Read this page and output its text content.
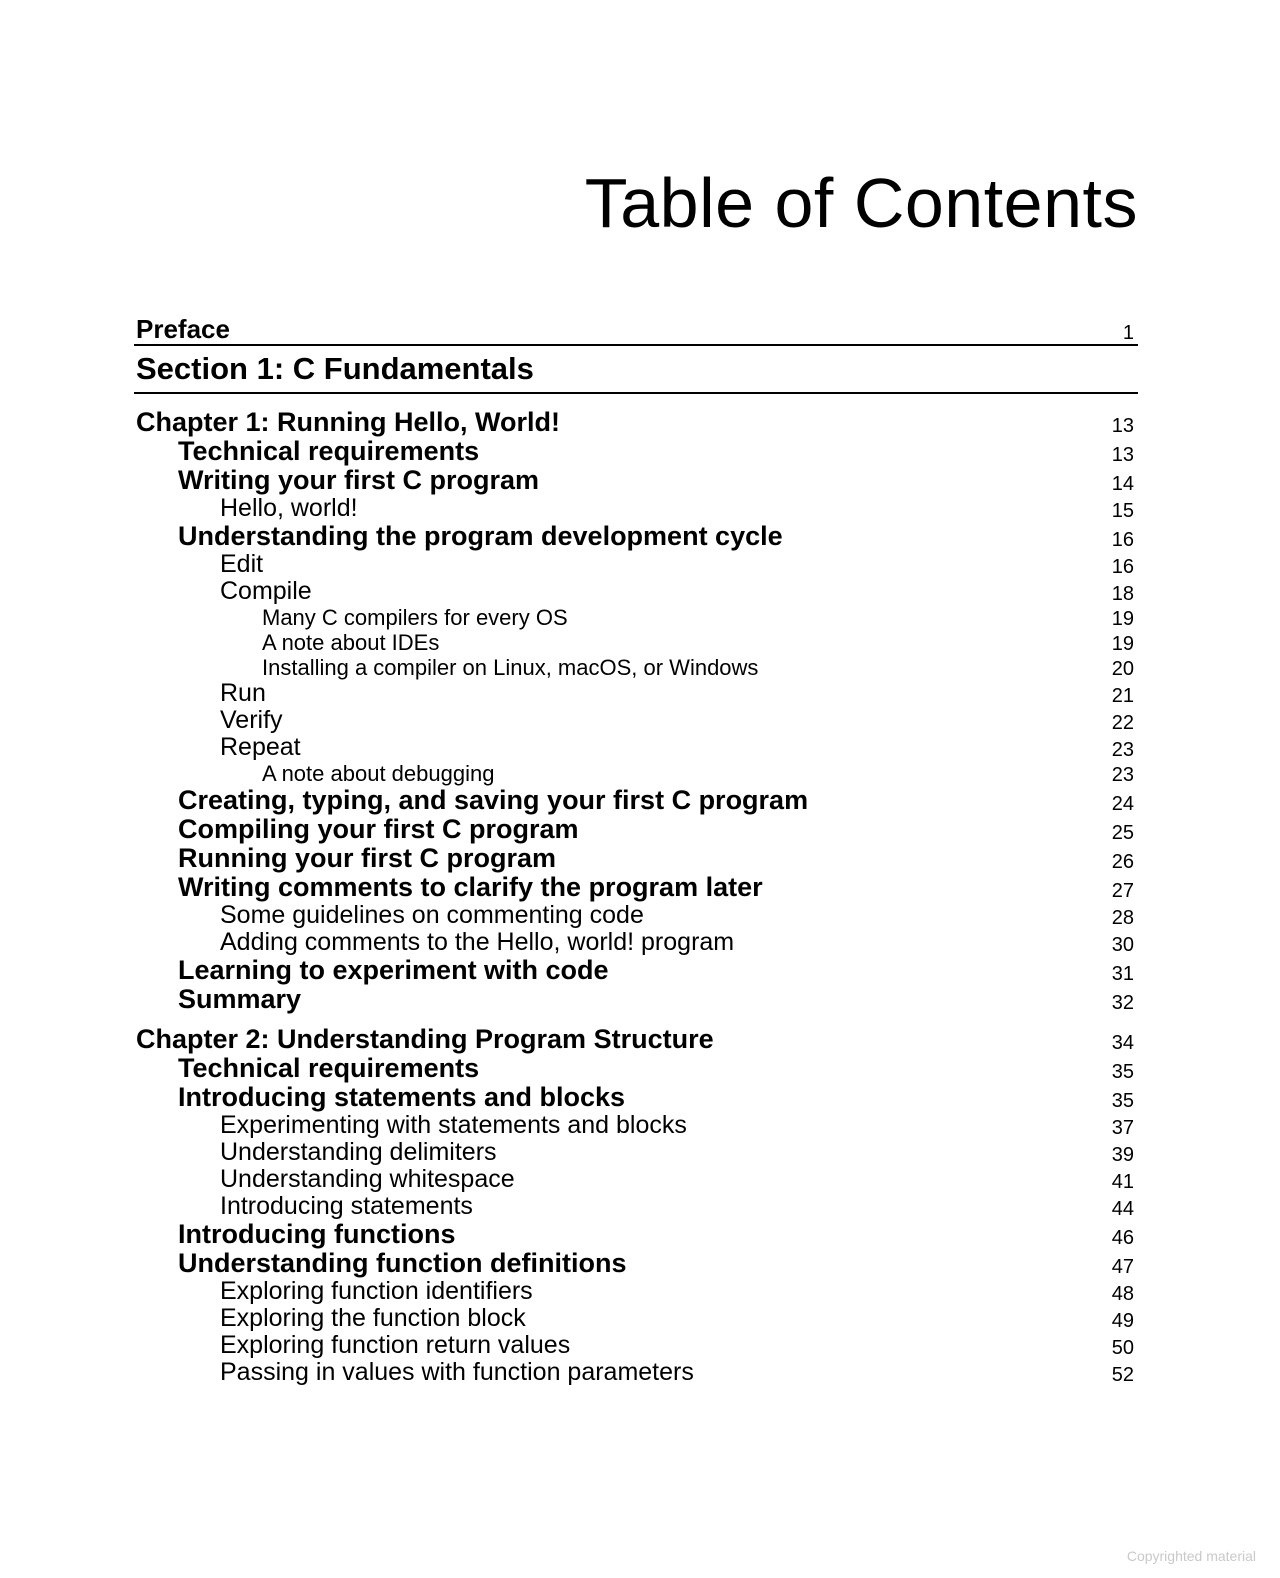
Table of Contents
Preface	1
Section 1: C Fundamentals
Chapter 1: Running Hello, World!	13
Technical requirements	13
Writing your first C program	14
Hello, world!	15
Understanding the program development cycle	16
Edit	16
Compile	18
Many C compilers for every OS	19
A note about IDEs	19
Installing a compiler on Linux, macOS, or Windows	20
Run	21
Verify	22
Repeat	23
A note about debugging	23
Creating, typing, and saving your first C program	24
Compiling your first C program	25
Running your first C program	26
Writing comments to clarify the program later	27
Some guidelines on commenting code	28
Adding comments to the Hello, world! program	30
Learning to experiment with code	31
Summary	32
Chapter 2: Understanding Program Structure	34
Technical requirements	35
Introducing statements and blocks	35
Experimenting with statements and blocks	37
Understanding delimiters	39
Understanding whitespace	41
Introducing statements	44
Introducing functions	46
Understanding function definitions	47
Exploring function identifiers	48
Exploring the function block	49
Exploring function return values	50
Passing in values with function parameters	52
Copyrighted material
